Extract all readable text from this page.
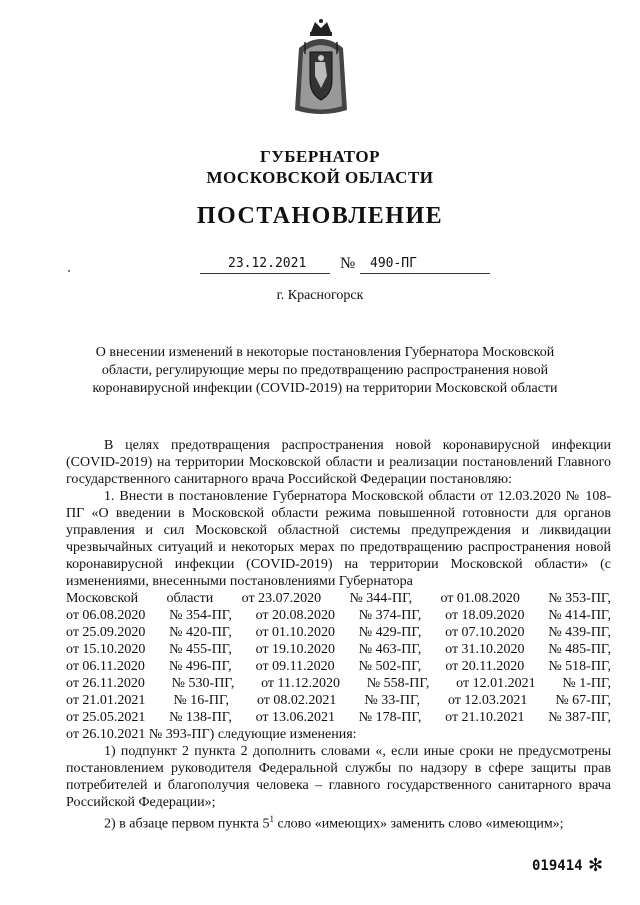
ГУБЕРНАТОР
МОСКОВСКОЙ ОБЛАСТИ
ПОСТАНОВЛЕНИЕ
23.12.2021 № 490-ПГ
г. Красногорск
О внесении изменений в некоторые постановления Губернатора Московской области, регулирующие меры по предотвращению распространения новой коронавирусной инфекции (COVID-2019) на территории Московской области

В целях предотвращения распространения новой коронавирусной инфекции (COVID-2019) на территории Московской области и реализации постановлений Главного государственного санитарного врача Российской Федерации постановляю:

1. Внести в постановление Губернатора Московской области от 12.03.2020 № 108-ПГ «О введении в Московской области режима повышенной готовности для органов управления и сил Московской областной системы предупреждения и ликвидации чрезвычайных ситуаций и некоторых мерах по предотвращению распространения новой коронавирусной инфекции (COVID-2019) на территории Московской области» (с изменениями, внесенными постановлениями Губернатора

Московской области от 23.07.2020 № 344-ПГ, от 01.08.2020 № 353-ПГ,
от 06.08.2020 № 354-ПГ, от 20.08.2020 № 374-ПГ, от 18.09.2020 № 414-ПГ,
от 25.09.2020 № 420-ПГ, от 01.10.2020 № 429-ПГ, от 07.10.2020 № 439-ПГ,
от 15.10.2020 № 455-ПГ, от 19.10.2020 № 463-ПГ, от 31.10.2020 № 485-ПГ,
от 06.11.2020 № 496-ПГ, от 09.11.2020 № 502-ПГ, от 20.11.2020 № 518-ПГ,
от 26.11.2020 № 530-ПГ, от 11.12.2020 № 558-ПГ, от 12.01.2021 № 1-ПГ,
от 21.01.2021 № 16-ПГ, от 08.02.2021 № 33-ПГ, от 12.03.2021 № 67-ПГ,
от 25.05.2021 № 138-ПГ, от 13.06.2021 № 178-ПГ, от 21.10.2021 № 387-ПГ,

от 26.10.2021 № 393-ПГ) следующие изменения:

1) подпункт 2 пункта 2 дополнить словами «, если иные сроки не предусмотрены постановлением руководителя Федеральной службы по надзору в сфере защиты прав потребителей и благополучия человека – главного государственного санитарного врача Российской Федерации»;

2) в абзаце первом пункта $5^1$ слово «имеющих» заменить слово «имеющим»;

019414 ✻
